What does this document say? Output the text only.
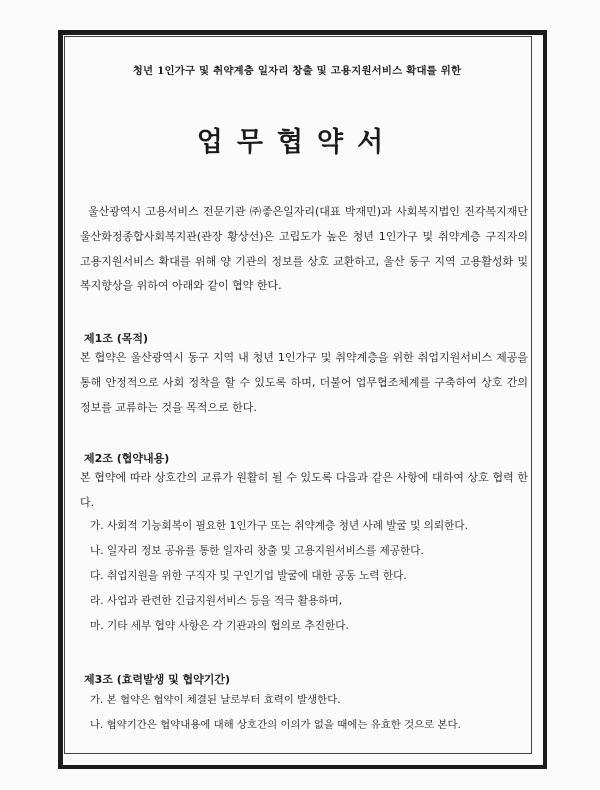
청년 1인가구 및 취약계층 일자리 창출 및 고용지원서비스 확대를 위한
업무협약서

울산광역시 고용서비스 전문기관 ㈜좋은일자리(대표 박재민)과 사회복지법인 진각복지재단 울산화정종합사회복지관(관장 황상선)은 고립도가 높은 청년 1인가구 및 취약계층 구직자의 고용지원서비스 확대를 위해 양 기관의 정보를 상호 교환하고, 울산 동구 지역 고용활성화 및 복지향상을 위하여 아래와 같이 협약 한다.

제1조 (목적)

본 협약은 울산광역시 동구 지역 내 청년 1인가구 및 취약계층을 위한 취업지원서비스 제공을 통해 안정적으로 사회 정착을 할 수 있도록 하며, 더불어 업무협조체계를 구축하여 상호 간의 정보를 교류하는 것을 목적으로 한다.

제2조 (협약내용)

본 협약에 따라 상호간의 교류가 원활히 될 수 있도록 다음과 같은 사항에 대하여 상호 협력 한다.

가. 사회적 기능회복이 필요한 1인가구 또는 취약계층 청년 사례 발굴 및 의뢰한다.
나. 일자리 정보 공유를 통한 일자리 창출 및 고용지원서비스를 제공한다.
다. 취업지원을 위한 구직자 및 구인기업 발굴에 대한 공동 노력 한다.
라. 사업과 관련한 긴급지원서비스 등을 적극 활용하며,
마. 기타 세부 협약 사항은 각 기관과의 협의로 추진한다.
제3조 (효력발생 및 협약기간)
가. 본 협약은 협약이 체결된 날로부터 효력이 발생한다.
나. 협약기간은 협약내용에 대해 상호간의 이의가 없을 때에는 유효한 것으로 본다.
